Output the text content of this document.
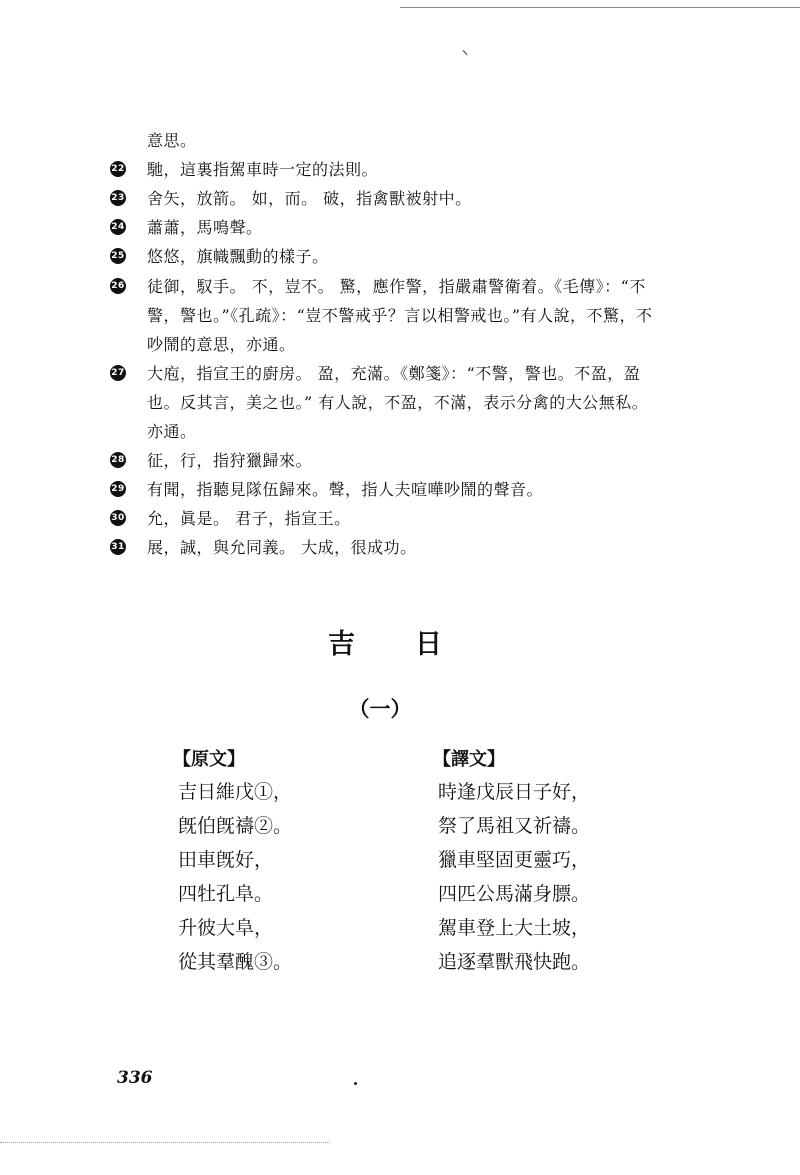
意思。
22 馳，這裏指駕車時一定的法則。
23 舍矢，放箭。 如，而。 破，指禽獸被射中。
24 蕭蕭，馬鳴聲。
25 悠悠，旗幟飄動的樣子。
26 徒御，馭手。 不，豈不。 驚，應作警，指嚴肅警衛着。《毛傳》：“不
警，警也。”《孔疏》：“豈不警戒乎？言以相警戒也。”有人說，不驚，不
吵鬧的意思，亦通。
27 大庖，指宣王的廚房。 盈，充滿。《鄭箋》：“不警，警也。不盈，盈
也。反其言，美之也。” 有人說，不盈，不滿，表示分禽的大公無私。
亦通。
28 征，行，指狩獵歸來。
29 有聞，指聽見隊伍歸來。聲，指人夫喧嘩吵鬧的聲音。
30 允，眞是。 君子，指宣王。
31 展，誠，與允同義。 大成，很成功。
吉日
（一）
【原文】	【譯文】
吉日維戊①，
旣伯旣禱②。
田車旣好，
四牡孔阜。
升彼大阜，
從其羣醜③。
時逢戊辰日子好，
祭了馬祖又祈禱。
獵車堅固更靈巧，
四匹公馬滿身膘。
駕車登上大土坡，
追逐羣獸飛快跑。
336
